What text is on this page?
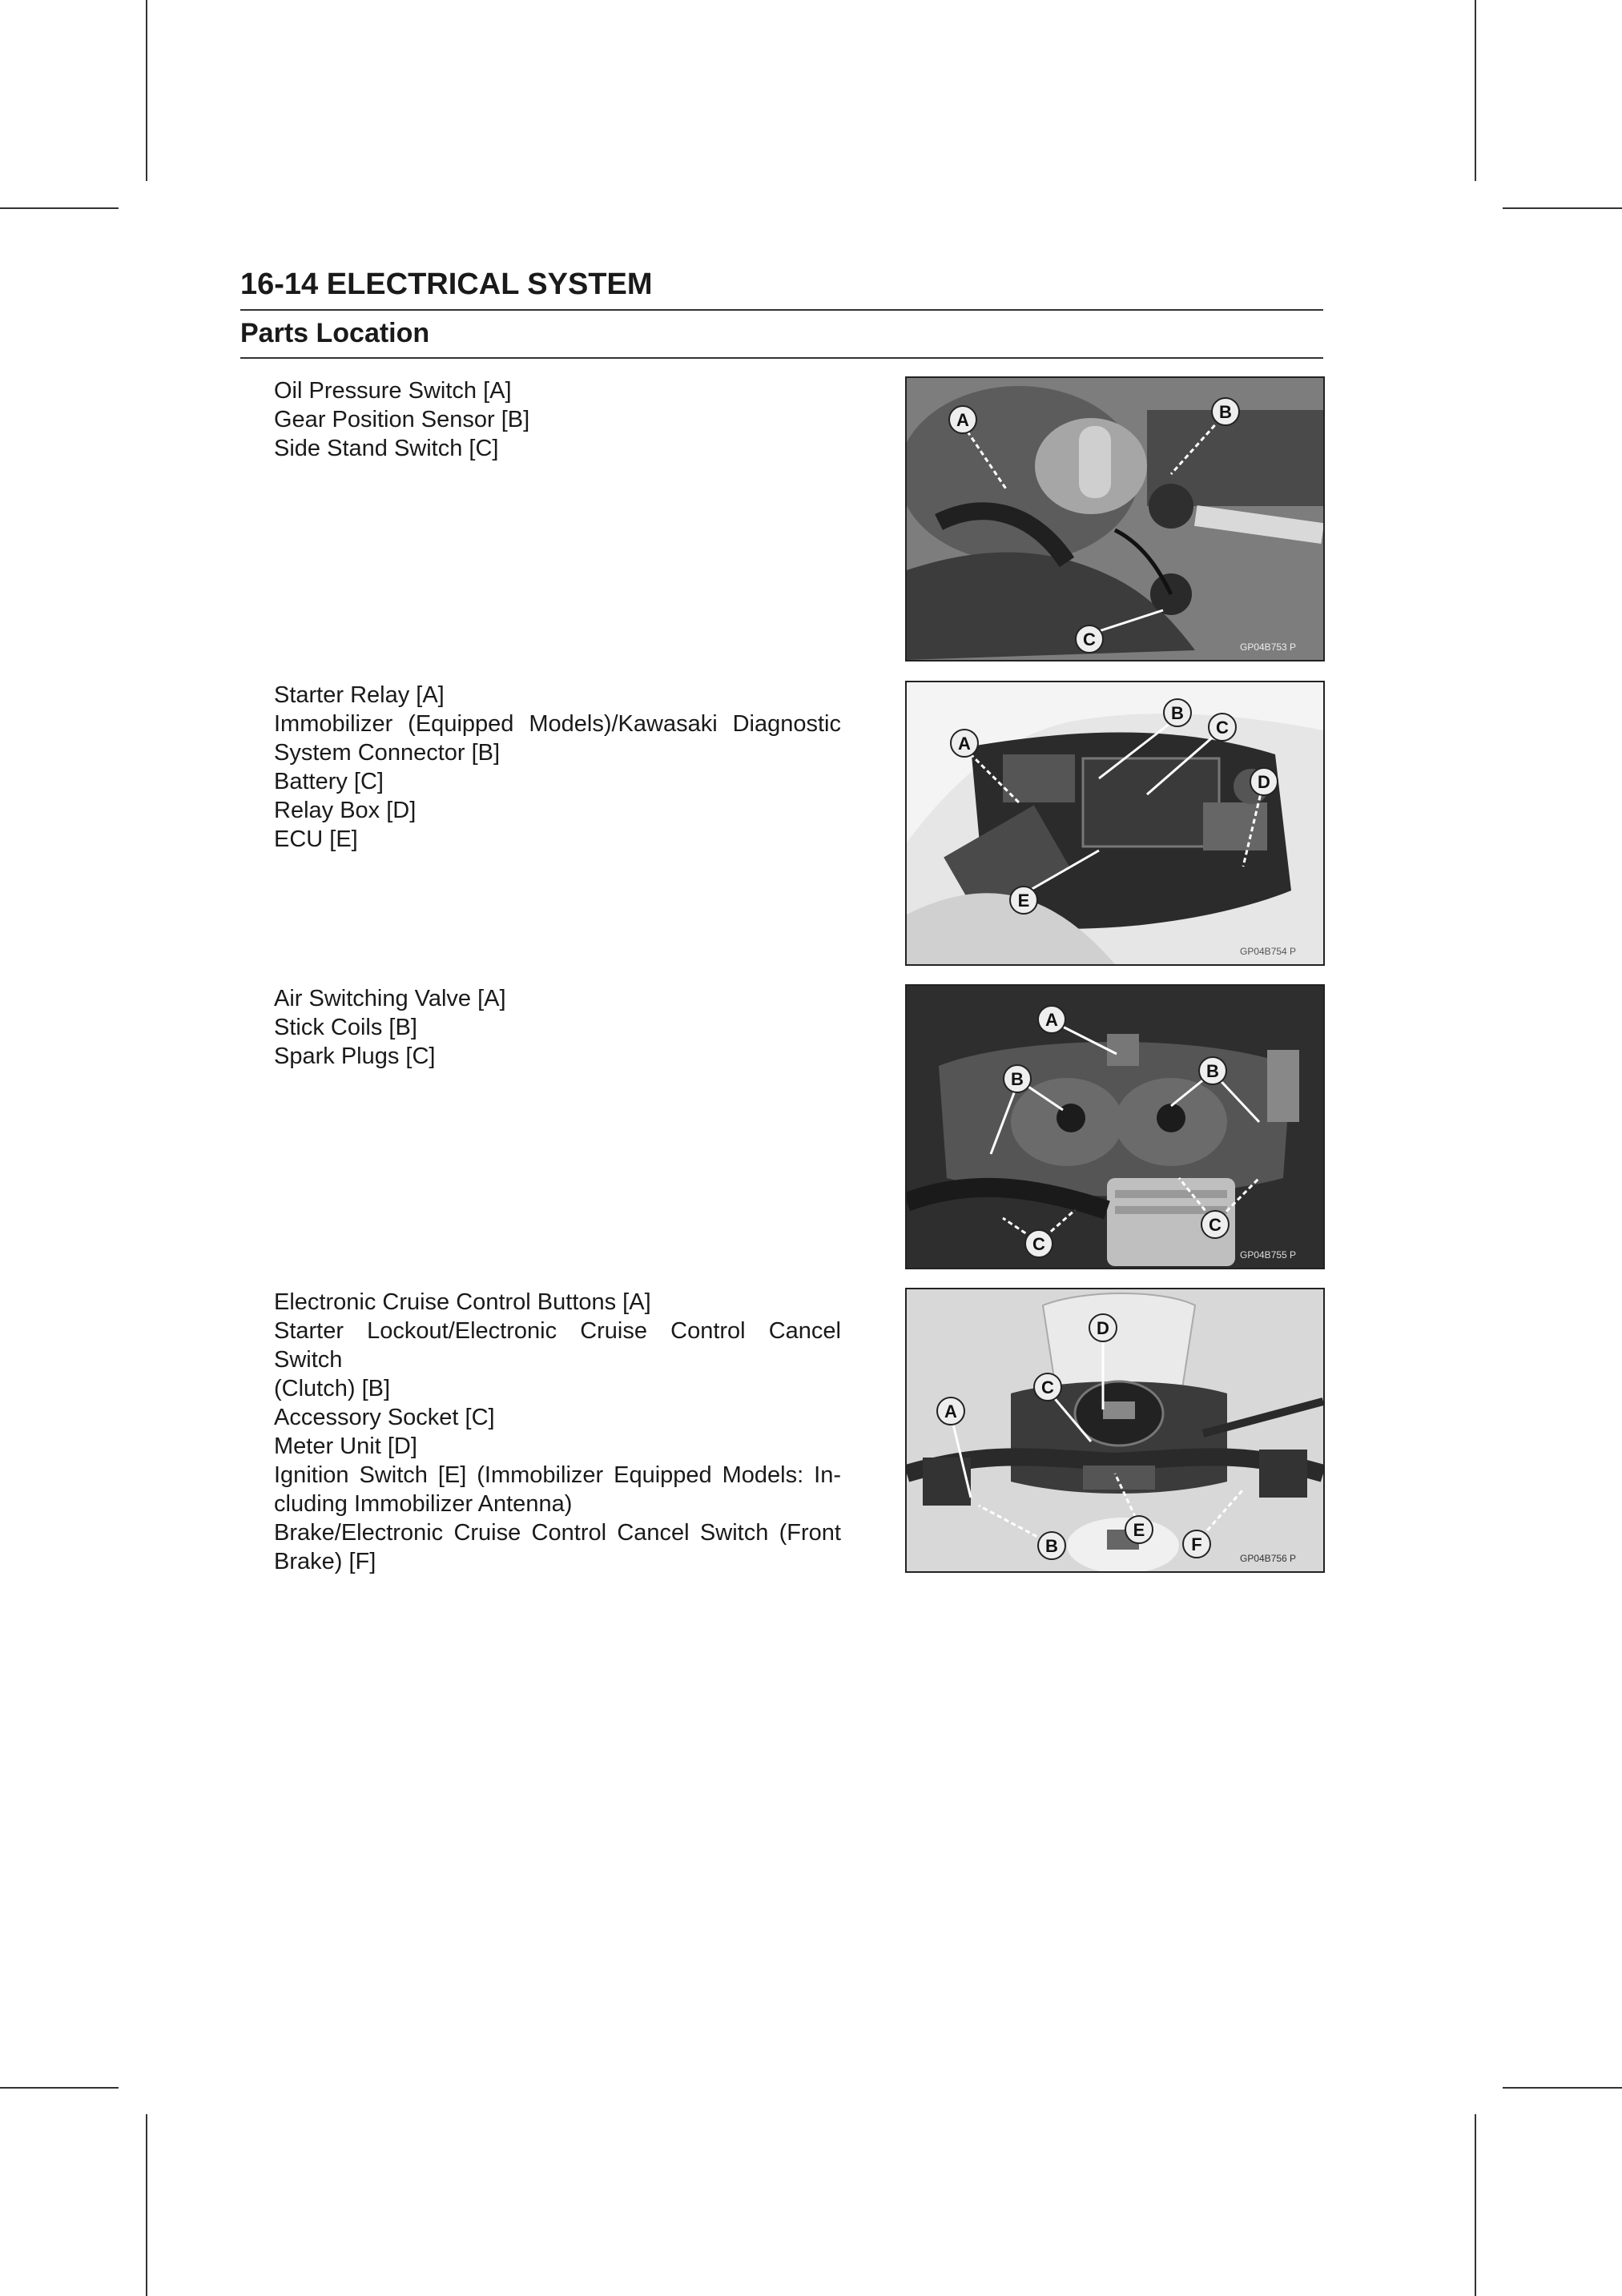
16-14 ELECTRICAL SYSTEM
Parts Location
Oil Pressure Switch [A]
Gear Position Sensor [B]
Side Stand Switch [C]
A	B
C	GP04B753 P
Starter Relay [A]
Immobilizer (Equipped Models)/Kawasaki Diagnostic
System Connector [B]
Battery [C]
Relay Box [D]
ECU [E]
A
B
C
D
E
GP04B754 P
Air Switching Valve [A]
Stick Coils [B]
Spark Plugs [C]
A
B	B
C
C
GP04B755 P
Electronic Cruise Control Buttons [A]
Starter Lockout/Electronic Cruise Control Cancel Switch
(Clutch) [B]
Accessory Socket [C]
Meter Unit [D]
Ignition Switch [E] (Immobilizer Equipped Models: In-
cluding Immobilizer Antenna)
Brake/Electronic Cruise Control Cancel Switch (Front
Brake) [F]
A
B
C
D
E
F
GP04B756 P
